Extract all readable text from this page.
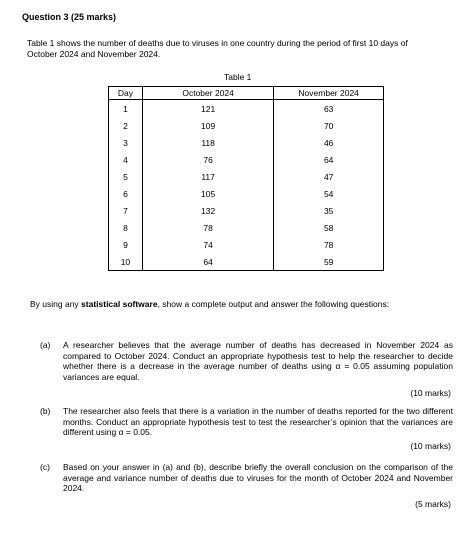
Question 3 (25 marks)
Table 1 shows the number of deaths due to viruses in one country during the period of first 10 days of October 2024 and November 2024.
Table 1
Day	October 2024	November 2024
1	121	63
2	109	70
3	118	46
4	76	64
5	117	47
6	105	54
7	132	35
8	78	58
9	74	78
10	64	59
By using any statistical software, show a complete output and answer the following questions:
(a) A researcher believes that the average number of deaths has decreased in November 2024 as compared to October 2024. Conduct an appropriate hypothesis test to help the researcher to decide whether there is a decrease in the average number of deaths using α = 0.05 assuming population variances are equal.
(10 marks)
(b) The researcher also feels that there is a variation in the number of deaths reported for the two different months. Conduct an appropriate hypothesis test to test the researcher’s opinion that the variances are different using α = 0.05.
(10 marks)
(c) Based on your answer in (a) and (b), describe briefly the overall conclusion on the comparison of the average and variance number of deaths due to viruses for the month of October 2024 and November 2024.
(5 marks)
